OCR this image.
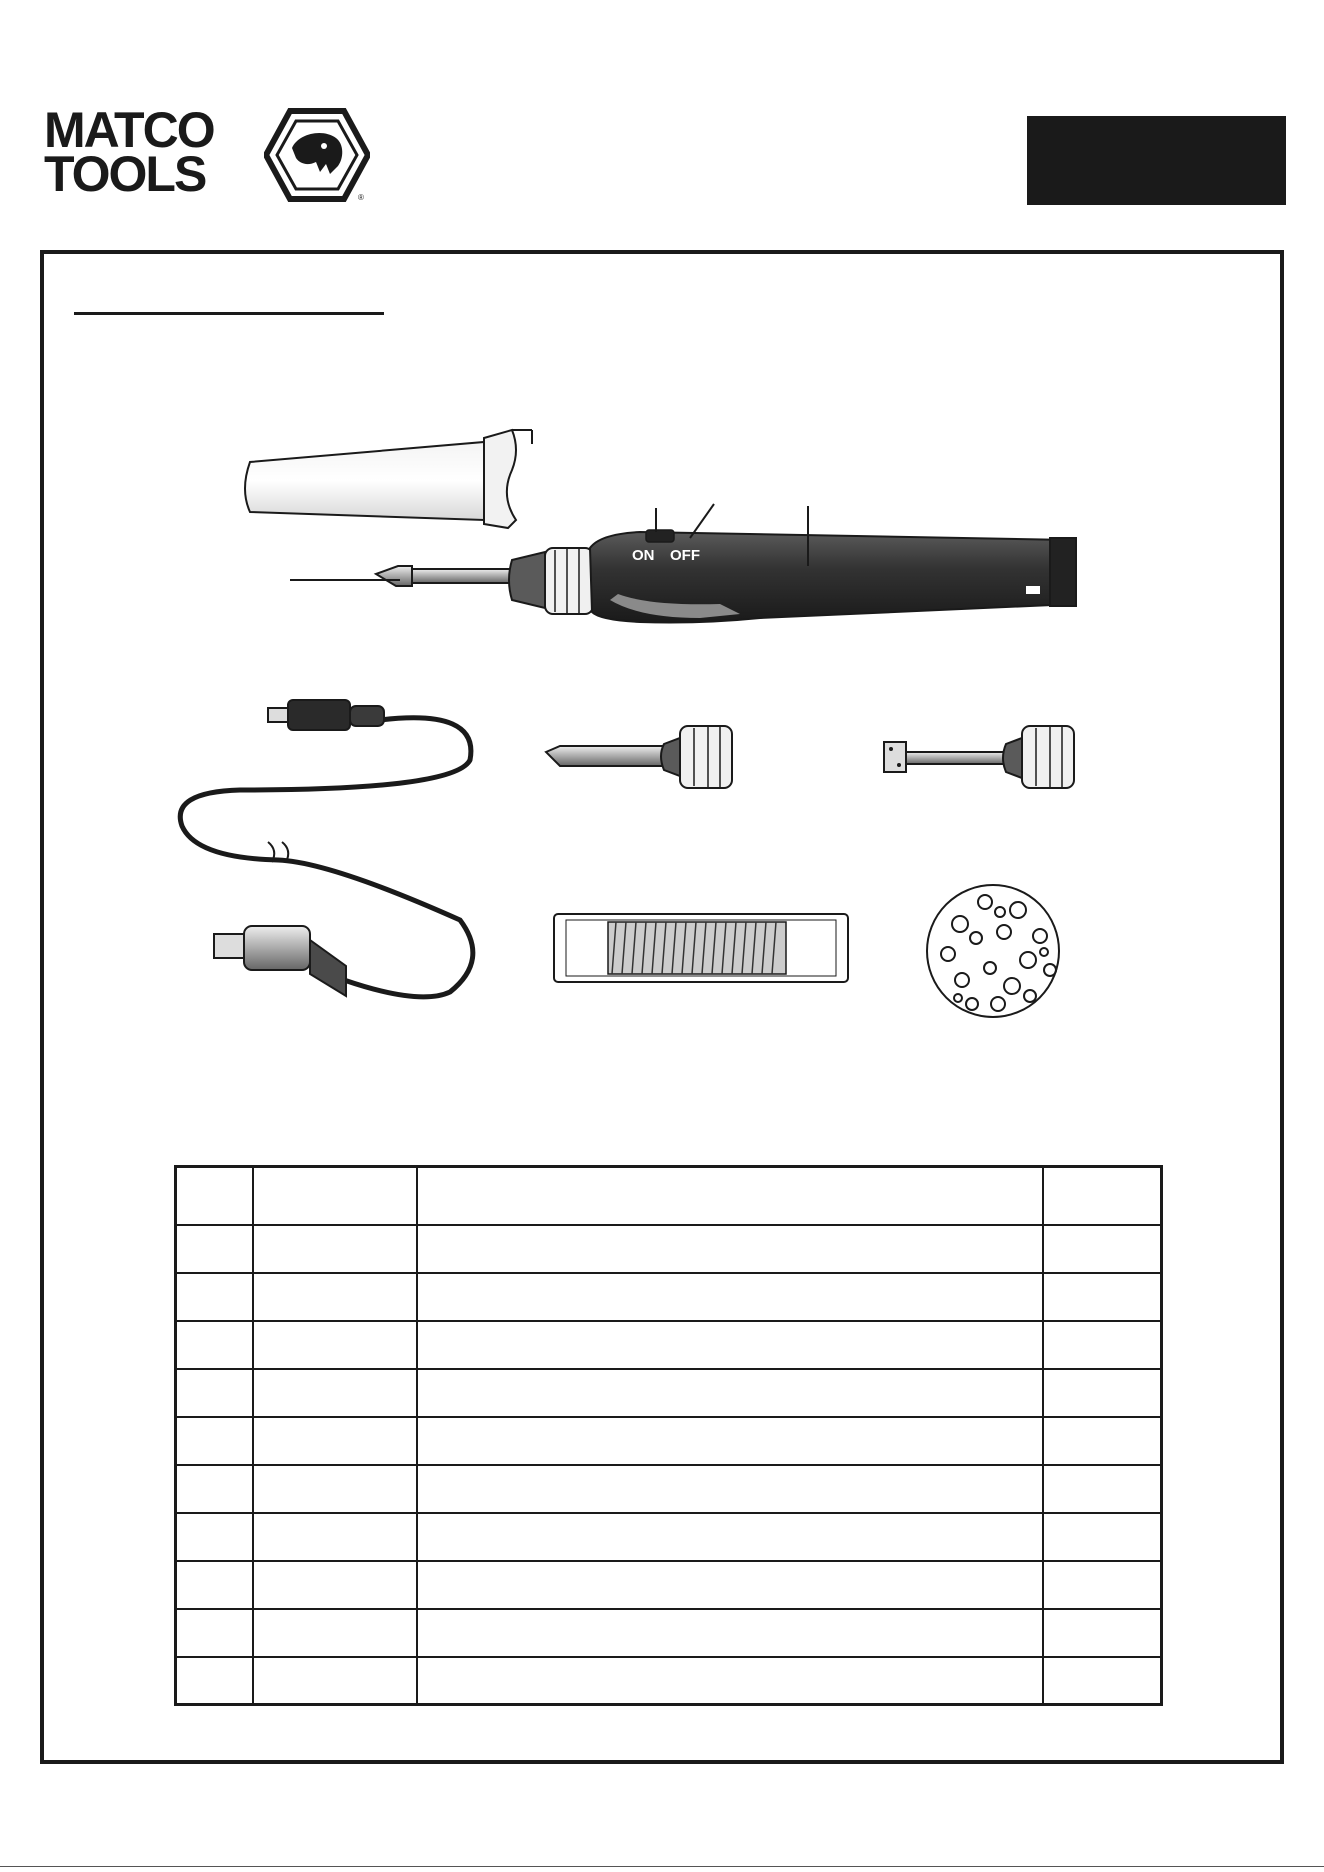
MATCO
TOOLS	®
ON OFF
